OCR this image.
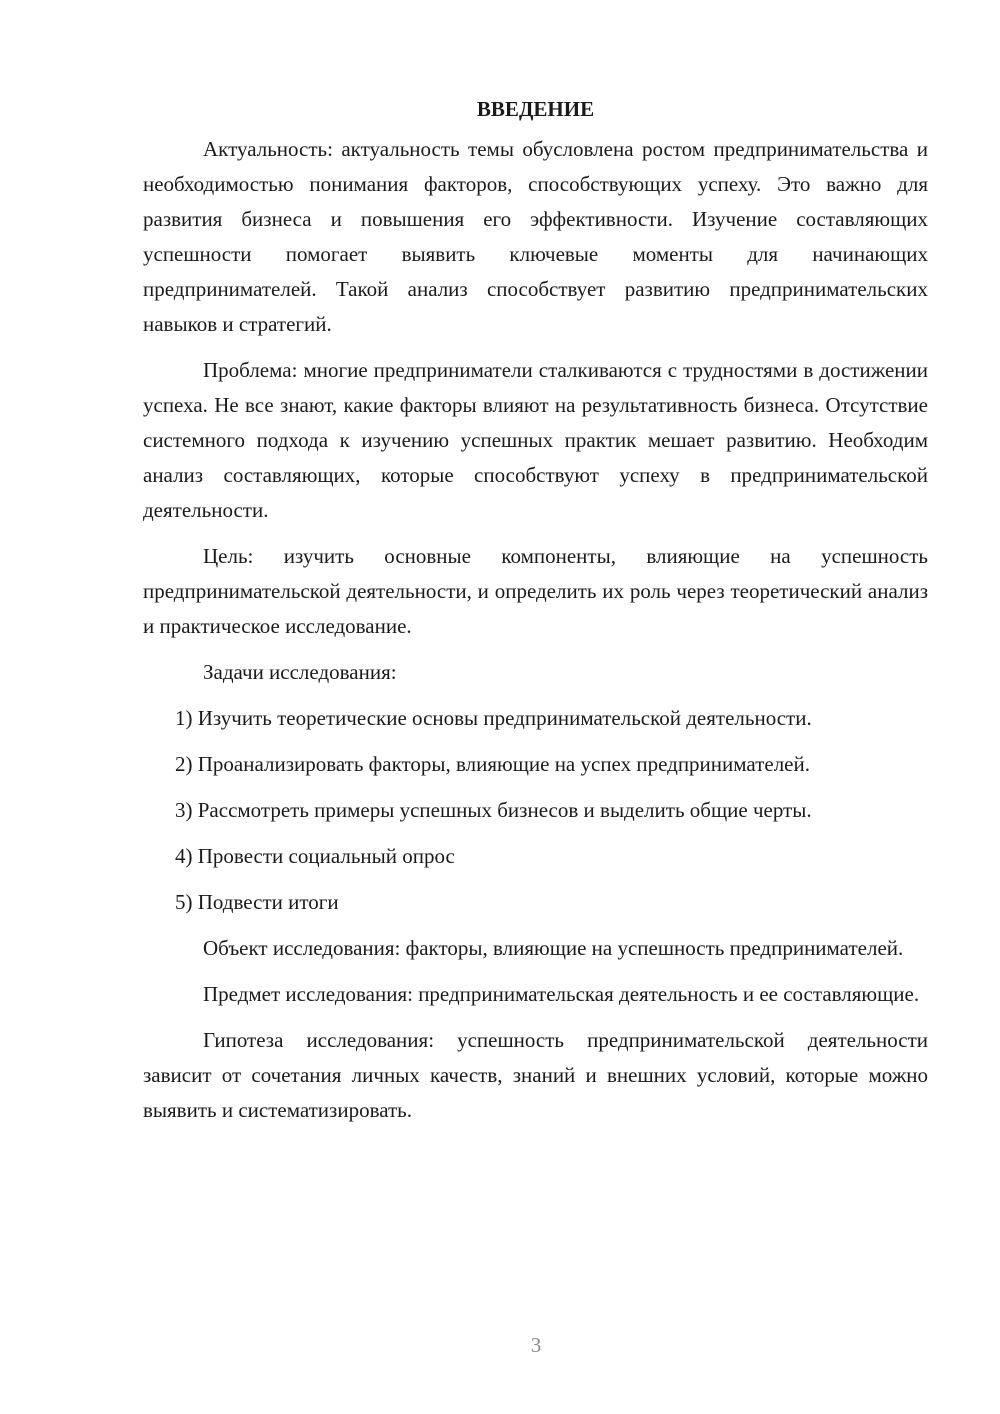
ВВЕДЕНИЕ

Актуальность: актуальность темы обусловлена ростом предпринимательства и необходимостью понимания факторов, способствующих успеху. Это важно для развития бизнеса и повышения его эффективности. Изучение составляющих успешности помогает выявить ключевые моменты для начинающих предпринимателей. Такой анализ способствует развитию предпринимательских навыков и стратегий.

Проблема: многие предприниматели сталкиваются с трудностями в достижении успеха. Не все знают, какие факторы влияют на результативность бизнеса. Отсутствие системного подхода к изучению успешных практик мешает развитию. Необходим анализ составляющих, которые способствуют успеху в предпринимательской деятельности.

Цель: изучить основные компоненты, влияющие на успешность предпринимательской деятельности, и определить их роль через теоретический анализ и практическое исследование.

Задачи исследования:

1) Изучить теоретические основы предпринимательской деятельности.

2) Проанализировать факторы, влияющие на успех предпринимателей.

3) Рассмотреть примеры успешных бизнесов и выделить общие черты.

4) Провести социальный опрос

5) Подвести итоги

Объект исследования: факторы, влияющие на успешность предпринимателей.

Предмет исследования: предпринимательская деятельность и ее составляющие.

Гипотеза исследования: успешность предпринимательской деятельности зависит от сочетания личных качеств, знаний и внешних условий, которые можно выявить и систематизировать.

3
